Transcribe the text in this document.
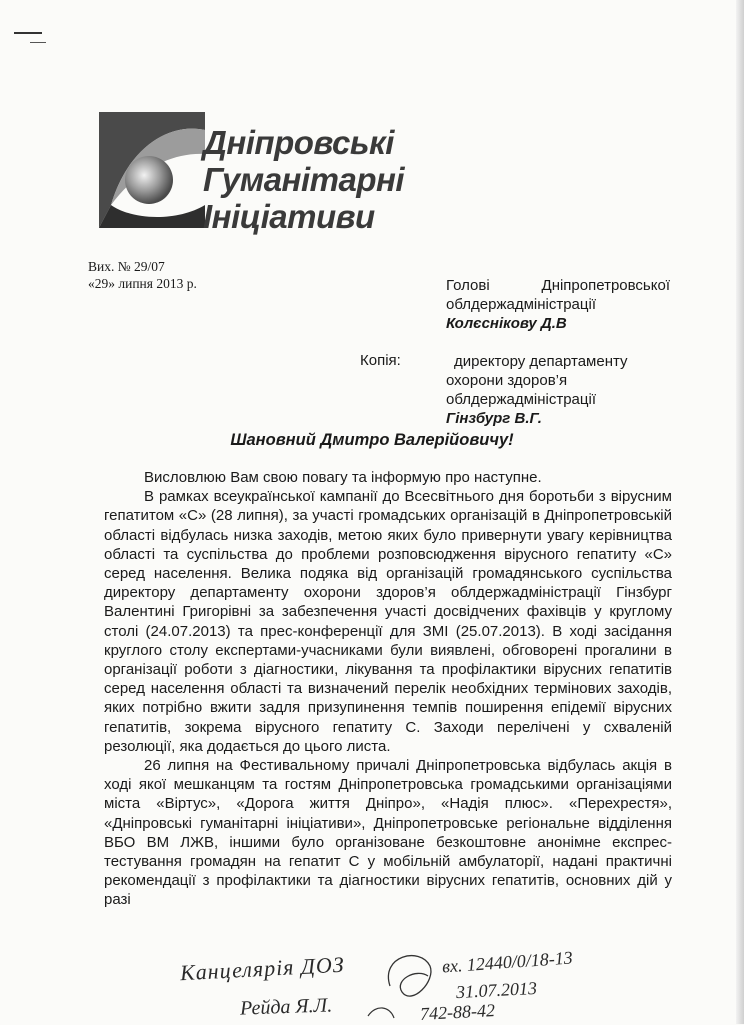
Дніпровські
Гуманітарні
Ініціативи
Вих. № 29/07
«29» липня 2013 р.	Голові	Дніпропетровської
облдержадміністрації
Колєснікову Д.В
Копія:	директору департаменту
охорони здоров’я
облдержадміністрації
Гінзбург В.Г.
Шановний Дмитро Валерійовичу!

Висловлюю Вам свою повагу та інформую про наступне.

В рамках всеукраїнської кампанії до Всесвітнього дня боротьби з вірусним гепатитом «С» (28 липня), за участі громадських організацій в Дніпропетровській області відбулась низка заходів, метою яких було привернути увагу керівництва області та суспільства до проблеми розповсюдження вірусного гепатиту «С» серед населення. Велика подяка від організацій громадянського суспільства директору департаменту охорони здоров’я облдержадміністрації Гінзбург Валентині Григорівні за забезпечення участі досвідчених фахівців у круглому столі (24.07.2013) та прес-конференції для ЗМІ (25.07.2013). В ході засідання круглого столу експертами-учасниками були виявлені, обговорені прогалини в організації роботи з діагностики, лікування та профілактики вірусних гепатитів серед населення області та визначений перелік необхідних термінових заходів, яких потрібно вжити задля призупинення темпів поширення епідемії вірусних гепатитів, зокрема вірусного гепатиту С. Заходи перелічені у схваленій резолюції, яка додається до цього листа.

26 липня на Фестивальному причалі Дніпропетровська відбулась акція в ході якої мешканцям та гостям Дніпропетровська громадськими організаціями міста «Віртус», «Дорога життя Дніпро», «Надія плюс». «Перехрестя», «Дніпровські гуманітарні ініціативи», Дніпропетровське регіональне відділення ВБО ВМ ЛЖВ, іншими було організоване безкоштовне анонімне експрес-тестування громадян на гепатит С у мобільній амбулаторії, надані практичні рекомендації з профілактики та діагностики вірусних гепатитів, основних дій у разі

Канцелярія ДОЗ	вх. 12440/0/18-13
31.07.2013
Рейда Я.Л.	742-88-42
